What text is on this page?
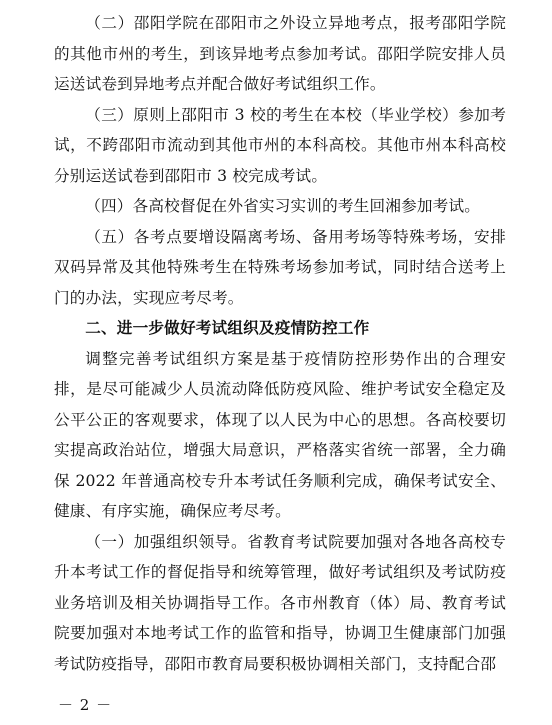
（二）邵阳学院在邵阳市之外设立异地考点，报考邵阳学院的其他市州的考生，到该异地考点参加考试。邵阳学院安排人员运送试卷到异地考点并配合做好考试组织工作。

（三）原则上邵阳市 3 校的考生在本校（毕业学校）参加考试，不跨邵阳市流动到其他市州的本科高校。其他市州本科高校分别运送试卷到邵阳市 3 校完成考试。

（四）各高校督促在外省实习实训的考生回湘参加考试。

（五）各考点要增设隔离考场、备用考场等特殊考场，安排双码异常及其他特殊考生在特殊考场参加考试，同时结合送考上门的办法，实现应考尽考。

二、进一步做好考试组织及疫情防控工作

调整完善考试组织方案是基于疫情防控形势作出的合理安排，是尽可能减少人员流动降低防疫风险、维护考试安全稳定及公平公正的客观要求，体现了以人民为中心的思想。各高校要切实提高政治站位，增强大局意识，严格落实省统一部署，全力确保 2022 年普通高校专升本考试任务顺利完成，确保考试安全、健康、有序实施，确保应考尽考。

（一）加强组织领导。省教育考试院要加强对各地各高校专升本考试工作的督促指导和统筹管理，做好考试组织及考试防疫业务培训及相关协调指导工作。各市州教育（体）局、教育考试院要加强对本地考试工作的监管和指导，协调卫生健康部门加强考试防疫指导，邵阳市教育局要积极协调相关部门，支持配合邵

－ 2 －
